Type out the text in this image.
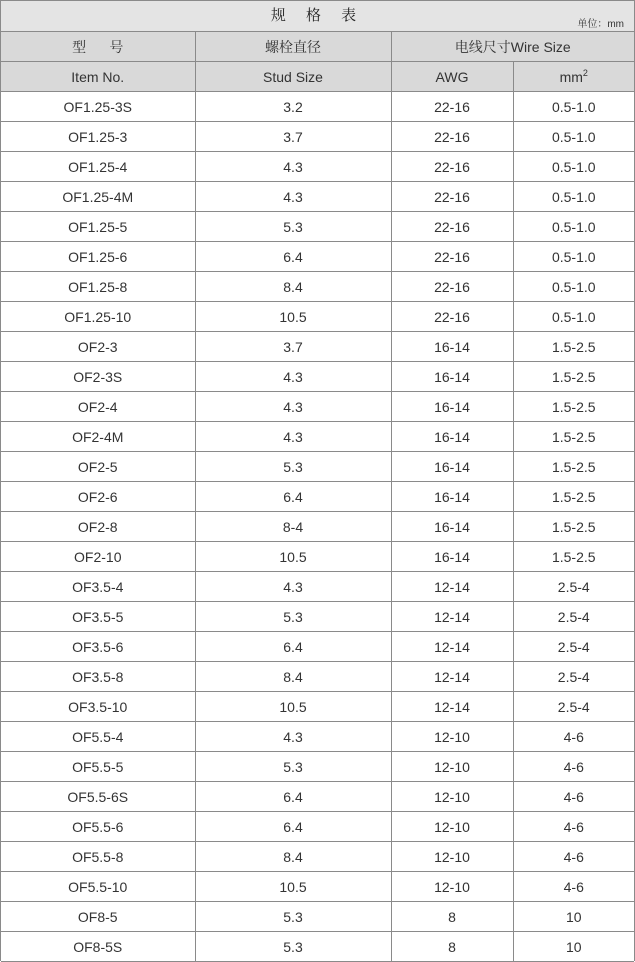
规 格 表
单位：mm
型      号	螺栓直径	电线尺寸Wire Size	
Item No.	Stud Size	AWG	$mm^2$
OF1.25-3S	3.2	22-16	0.5-1.0
OF1.25-3	3.7	22-16	0.5-1.0
OF1.25-4	4.3	22-16	0.5-1.0
OF1.25-4M	4.3	22-16	0.5-1.0
OF1.25-5	5.3	22-16	0.5-1.0
OF1.25-6	6.4	22-16	0.5-1.0
OF1.25-8	8.4	22-16	0.5-1.0
OF1.25-10	10.5	22-16	0.5-1.0
OF2-3	3.7	16-14	1.5-2.5
OF2-3S	4.3	16-14	1.5-2.5
OF2-4	4.3	16-14	1.5-2.5
OF2-4M	4.3	16-14	1.5-2.5
OF2-5	5.3	16-14	1.5-2.5
OF2-6	6.4	16-14	1.5-2.5
OF2-8	8-4	16-14	1.5-2.5
OF2-10	10.5	16-14	1.5-2.5
OF3.5-4	4.3	12-14	2.5-4
OF3.5-5	5.3	12-14	2.5-4
OF3.5-6	6.4	12-14	2.5-4
OF3.5-8	8.4	12-14	2.5-4
OF3.5-10	10.5	12-14	2.5-4
OF5.5-4	4.3	12-10	4-6
OF5.5-5	5.3	12-10	4-6
OF5.5-6S	6.4	12-10	4-6
OF5.5-6	6.4	12-10	4-6
OF5.5-8	8.4	12-10	4-6
OF5.5-10	10.5	12-10	4-6
OF8-5	5.3	8	10
OF8-5S	5.3	8	10
